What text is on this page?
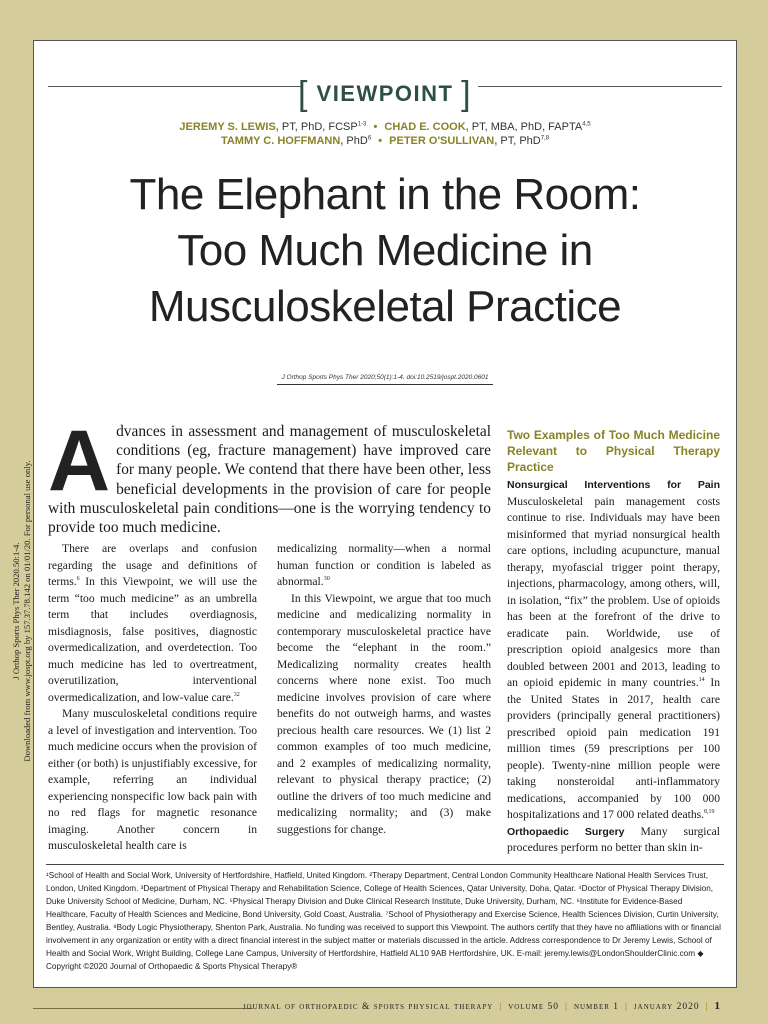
J Orthop Sports Phys Ther 2020.50:1-4.
Downloaded from www.jospt.org by 157.37.78.142 on 01/01/20. For personal use only.
[ VIEWPOINT ]
JEREMY S. LEWIS, PT, PhD, FCSP$^{1-3}$ • CHAD E. COOK, PT, MBA, PhD, FAPTA$^{4,5}$
TAMMY C. HOFFMANN, PhD$^6$ • PETER O'SULLIVAN, PT, PhD$^{7,8}$
The Elephant in the Room:
Too Much Medicine in
Musculoskeletal Practice
J Orthop Sports Phys Ther 2020;50(1):1-4. doi:10.2519/jospt.2020.0601
Advances in assessment and management of musculoskeletal conditions (eg, fracture management) have improved care for many people. We contend that there have been other, less beneficial developments in the provision of care for people with musculoskeletal pain conditions—one is the worrying tendency to provide too much medicine.

There are overlaps and confusion regarding the usage and definitions of terms.$^6$ In this Viewpoint, we will use the term “too much medicine” as an umbrella term that includes overdiagnosis, misdiagnosis, false positives, diagnostic overmedicalization, and overdetection. Too much medicine has led to overtreatment, overutilization, interventional overmedicalization, and low-value care.$^{32}$

Many musculoskeletal conditions require a level of investigation and intervention. Too much medicine occurs when the provision of either (or both) is unjustifiably excessive, for example, referring an individual experiencing nonspecific low back pain with no red flags for magnetic resonance imaging. Another concern in musculoskeletal health care is

medicalizing normality—when a normal human function or condition is labeled as abnormal.$^{30}$

In this Viewpoint, we argue that too much medicine and medicalizing normality in contemporary musculoskeletal practice have become the “elephant in the room.” Medicalizing normality creates health concerns where none exist. Too much medicine involves provision of care where benefits do not outweigh harms, and wastes precious health care resources. We (1) list 2 common examples of too much medicine, and 2 examples of medicalizing normality, relevant to physical therapy practice; (2) outline the drivers of too much medicine and medicalizing normality; and (3) make suggestions for change.

Two Examples of Too Much Medicine Relevant to Physical Therapy Practice

Nonsurgical Interventions for Pain Musculoskeletal pain management costs continue to rise. Individuals may have been misinformed that myriad nonsurgical health care options, including acupuncture, manual therapy, myofascial trigger point therapy, injections, pharmacology, among others, will, in isolation, “fix” the problem. Use of opioids has been at the forefront of the drive to eradicate pain. Worldwide, use of prescription opioid analgesics more than doubled between 2001 and 2013, leading to an opioid epidemic in many countries.$^{14}$ In the United States in 2017, health care providers (principally general practitioners) prescribed opioid pain medication 191 million times (59 prescriptions per 100 people). Twenty-nine million people were taking nonsteroidal anti-inflammatory medications, accompanied by 100 000 hospitalizations and 17 000 related deaths.$^{8,19}$

Orthopaedic Surgery Many surgical procedures perform no better than skin in-

¹School of Health and Social Work, University of Hertfordshire, Hatfield, United Kingdom. ²Therapy Department, Central London Community Healthcare National Health Services Trust, London, United Kingdom. ³Department of Physical Therapy and Rehabilitation Science, College of Health Sciences, Qatar University, Doha, Qatar. ⁴Doctor of Physical Therapy Division, Duke University School of Medicine, Durham, NC. ⁵Physical Therapy Division and Duke Clinical Research Institute, Duke University, Durham, NC. ⁶Institute for Evidence-Based Healthcare, Faculty of Health Sciences and Medicine, Bond University, Gold Coast, Australia. ⁷School of Physiotherapy and Exercise Science, Health Sciences Division, Curtin University, Bentley, Australia. ⁸Body Logic Physiotherapy, Shenton Park, Australia. No funding was received to support this Viewpoint. The authors certify that they have no affiliations with or financial involvement in any organization or entity with a direct financial interest in the subject matter or materials discussed in the article. Address correspondence to Dr Jeremy Lewis, School of Health and Social Work, Wright Building, College Lane Campus, University of Hertfordshire, Hatfield AL10 9AB Hertfordshire, UK. E-mail: jeremy.lewis@LondonShoulderClinic.com ◆ Copyright ©2020 Journal of Orthopaedic & Sports Physical Therapy®
journal of orthopaedic & sports physical therapy | volume 50 | number 1 | january 2020 | 1
